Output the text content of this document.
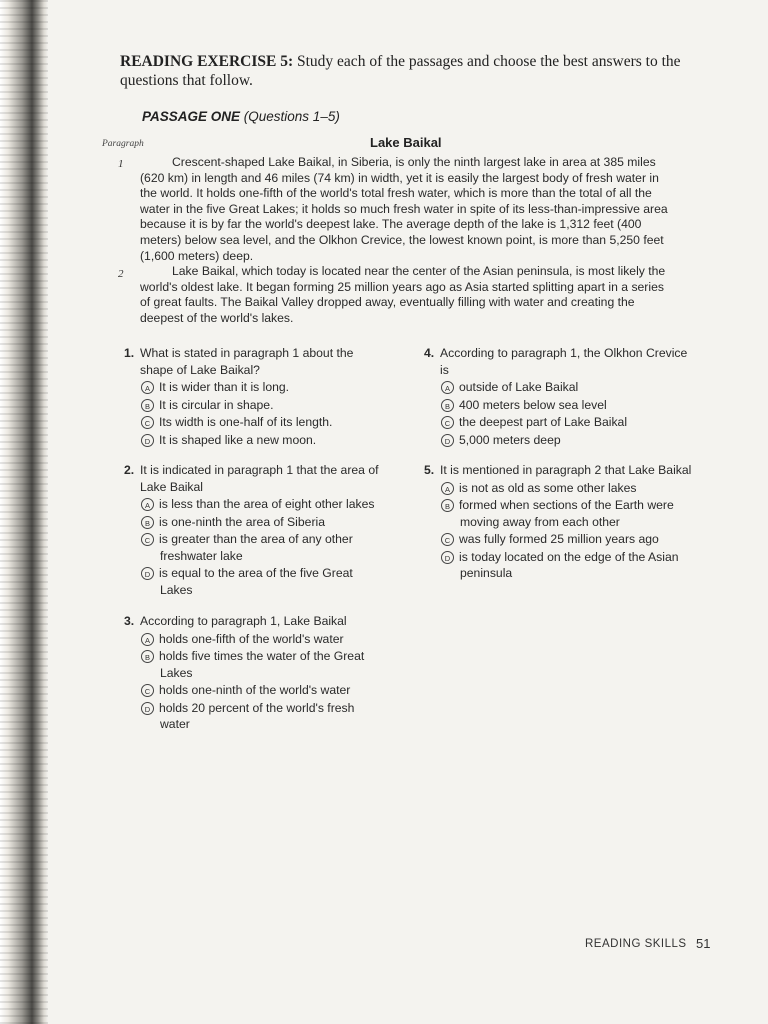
READING EXERCISE 5: Study each of the passages and choose the best answers to the questions that follow.
PASSAGE ONE (Questions 1–5)
Paragraph	Lake Baikal
1	Crescent-shaped Lake Baikal, in Siberia, is only the ninth largest lake in area at 385 miles (620 km) in length and 46 miles (74 km) in width, yet it is easily the largest body of fresh water in the world. It holds one-fifth of the world's total fresh water, which is more than the total of all the water in the five Great Lakes; it holds so much fresh water in spite of its less-than-impressive area because it is by far the world's deepest lake. The average depth of the lake is 1,312 feet (400 meters) below sea level, and the Olkhon Crevice, the lowest known point, is more than 5,250 feet (1,600 meters) deep.

2	Lake Baikal, which today is located near the center of the Asian peninsula, is most likely the world's oldest lake. It began forming 25 million years ago as Asia started splitting apart in a series of great faults. The Baikal Valley dropped away, eventually filling with water and creating the deepest of the world's lakes.

1. What is stated in paragraph 1 about the shape of Lake Baikal?
A It is wider than it is long.
B It is circular in shape.
C Its width is one-half of its length.
D It is shaped like a new moon.
2. It is indicated in paragraph 1 that the area of Lake Baikal
A is less than the area of eight other lakes
B is one-ninth the area of Siberia
C is greater than the area of any other freshwater lake
D is equal to the area of the five Great Lakes
3. According to paragraph 1, Lake Baikal
A holds one-fifth of the world's water
B holds five times the water of the Great Lakes
C holds one-ninth of the world's water
D holds 20 percent of the world's fresh water
4. According to paragraph 1, the Olkhon Crevice is
A outside of Lake Baikal
B 400 meters below sea level
C the deepest part of Lake Baikal
D 5,000 meters deep
5. It is mentioned in paragraph 2 that Lake Baikal
A is not as old as some other lakes
B formed when sections of the Earth were moving away from each other
C was fully formed 25 million years ago
D is today located on the edge of the Asian peninsula
READING SKILLS 51
